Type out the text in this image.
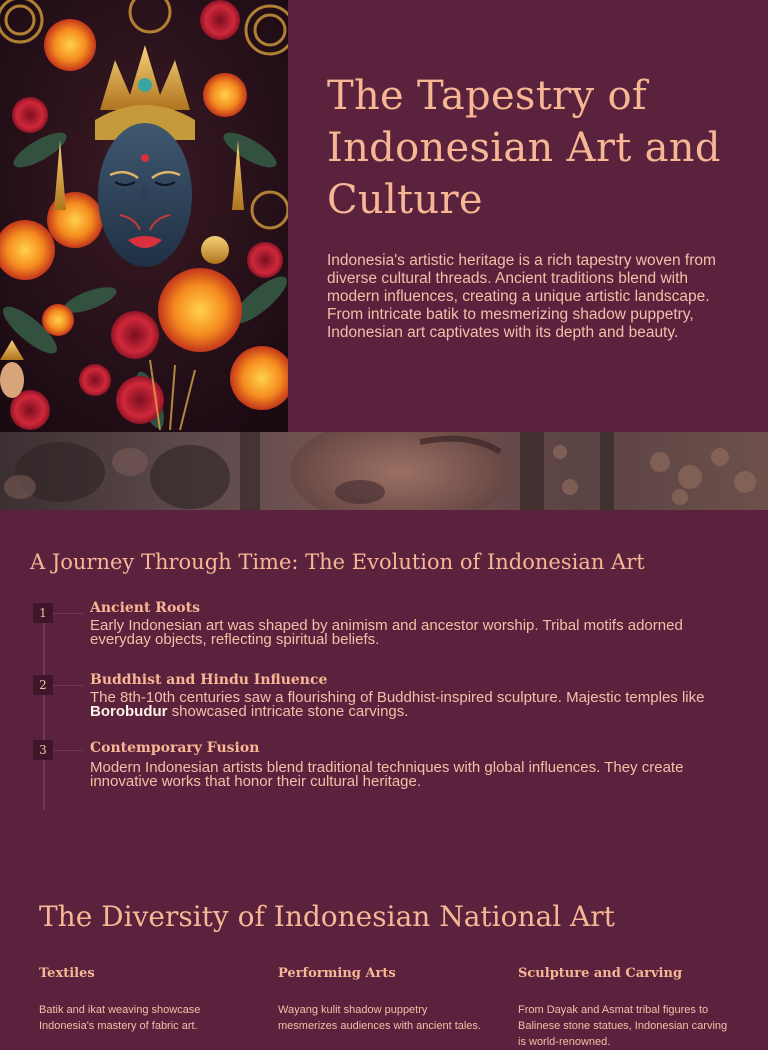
The Tapestry of Indonesian Art and Culture

Indonesia's artistic heritage is a rich tapestry woven from diverse cultural threads. Ancient traditions blend with modern influences, creating a unique artistic landscape. From intricate batik to mesmerizing shadow puppetry, Indonesian art captivates with its depth and beauty.

A Journey Through Time: The Evolution of Indonesian Art
1	Ancient Roots
Early Indonesian art was shaped by animism and ancestor worship. Tribal motifs adorned everyday objects, reflecting spiritual beliefs.
2	Buddhist and Hindu Influence
The 8th-10th centuries saw a flourishing of Buddhist-inspired sculpture. Majestic temples like Borobudur showcased intricate stone carvings.
3	Contemporary Fusion
Modern Indonesian artists blend traditional techniques with global influences. They create innovative works that honor their cultural heritage.
The Diversity of Indonesian National Art
Textiles
Batik and ikat weaving showcase Indonesia's mastery of fabric art.
Performing Arts
Wayang kulit shadow puppetry mesmerizes audiences with ancient tales.
Sculpture and Carving
From Dayak and Asmat tribal figures to Balinese stone statues, Indonesian carving is world-renowned.
